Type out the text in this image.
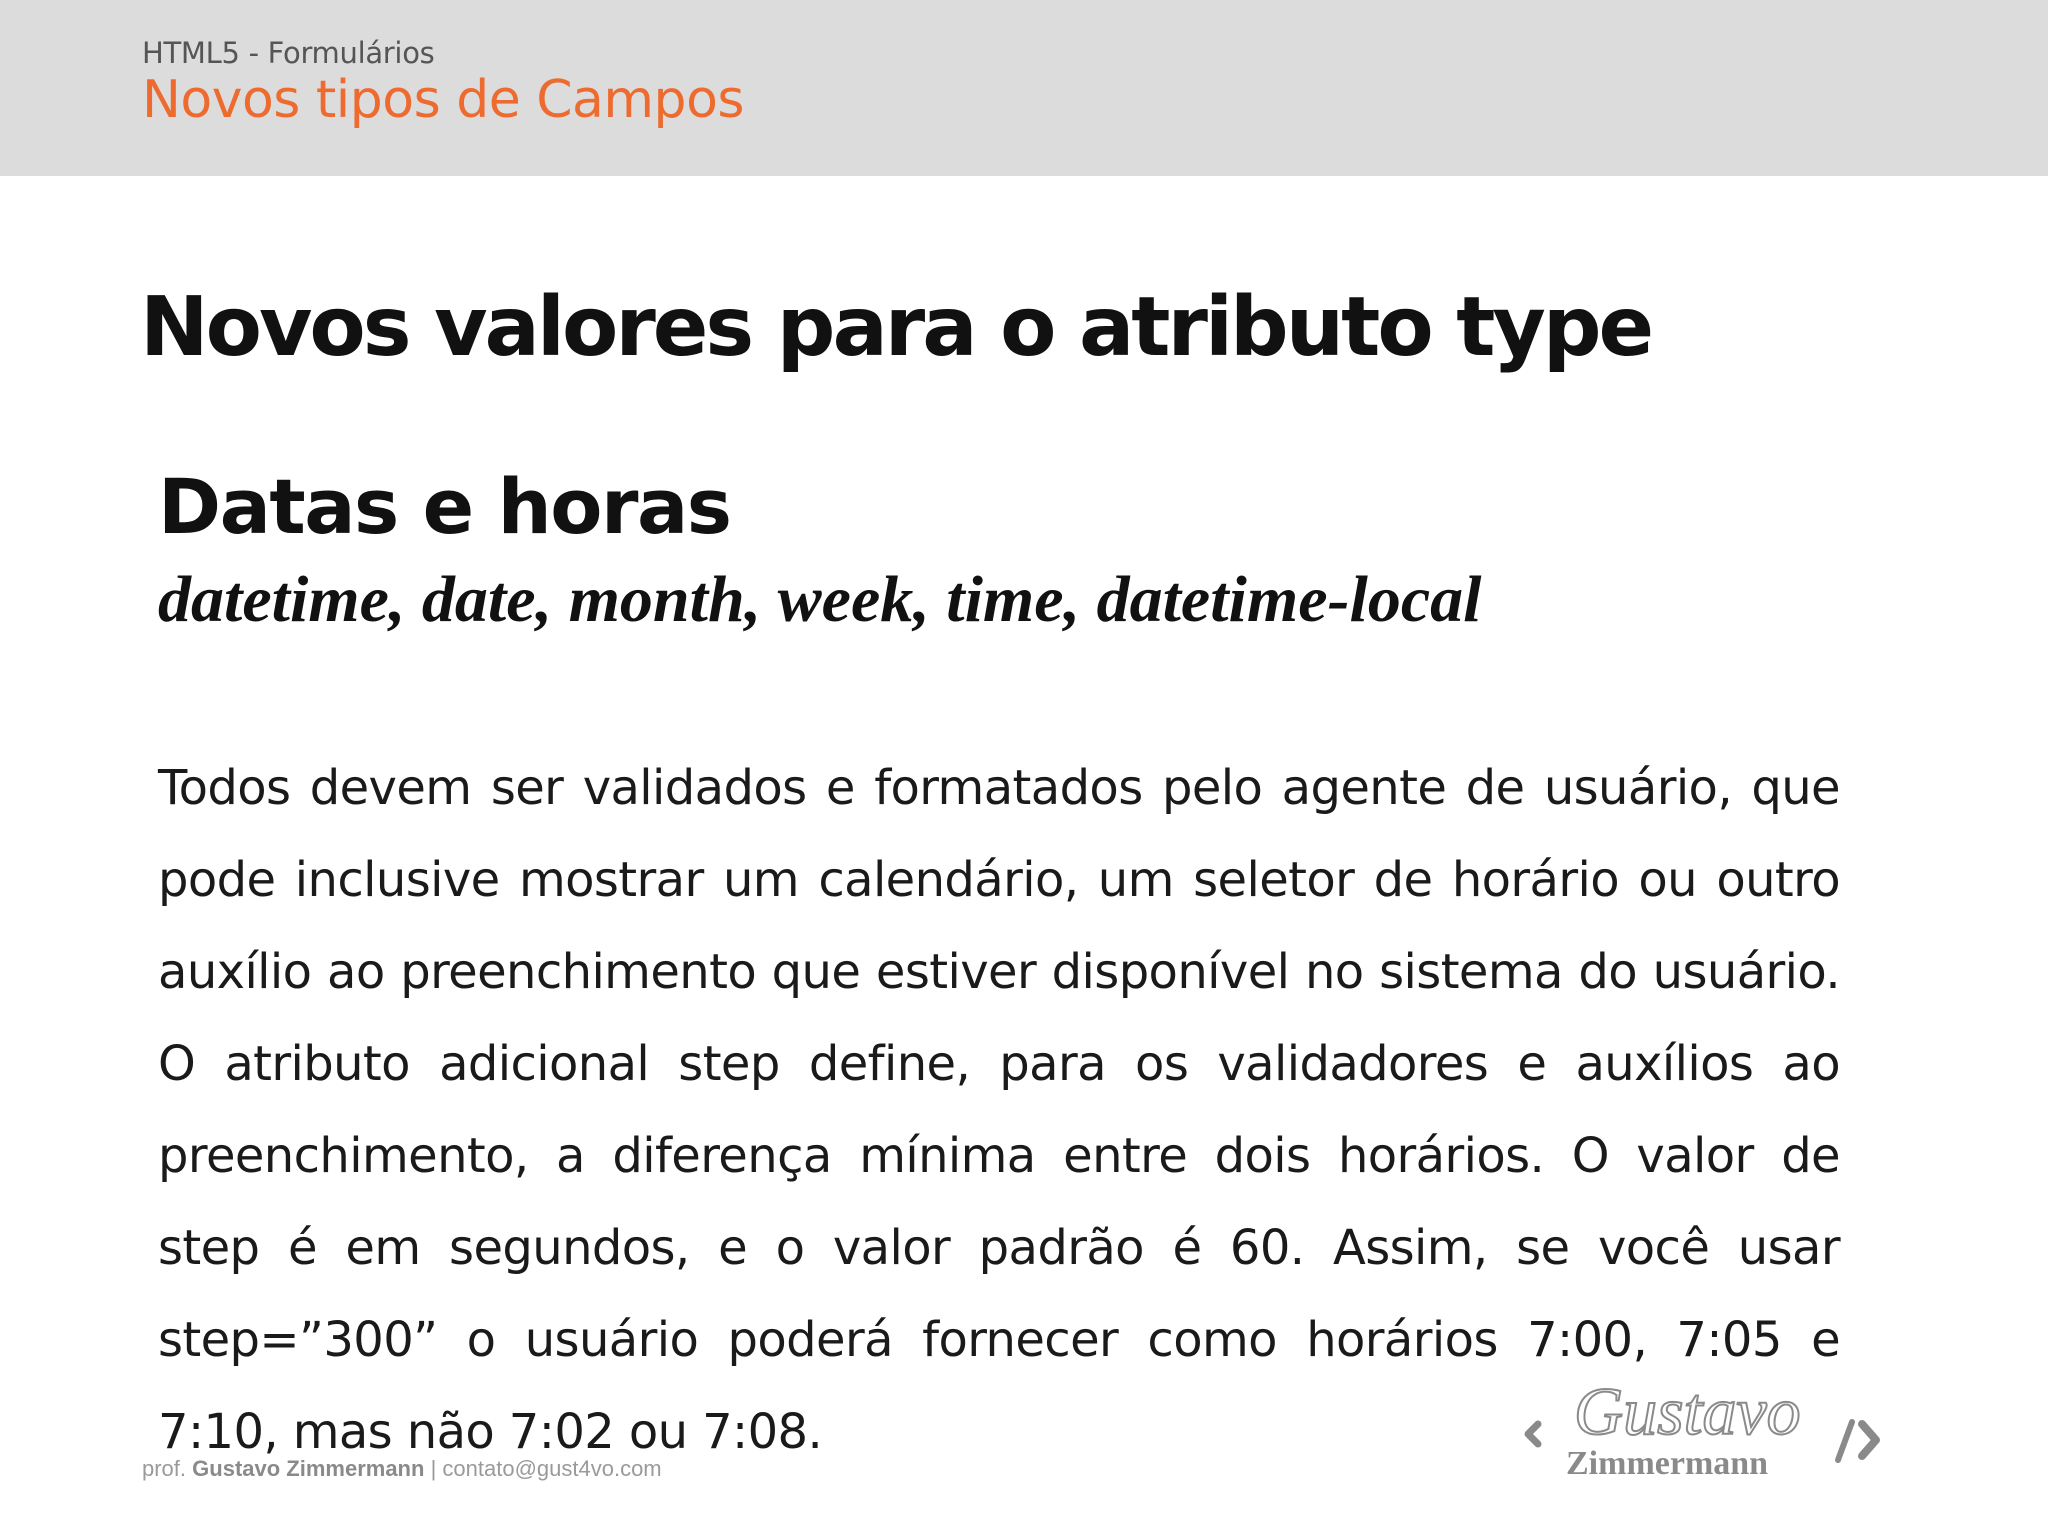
HTML5 - Formulários
Novos tipos de Campos
Novos valores para o atributo type
Datas e horas
datetime, date, month, week, time, datetime-local

Todos devem ser validados e formatados pelo agente de usuário, que pode inclusive mostrar um calendário, um seletor de horário ou outro auxílio ao preenchimento que estiver disponível no sistema do usuário. O atributo adicional step define, para os validadores e auxílios ao preenchimento, a diferença mínima entre dois horários. O valor de step é em segundos, e o valor padrão é 60. Assim, se você usar step=”300” o usuário poderá fornecer como horários 7:00, 7:05 e 7:10, mas não 7:02 ou 7:08.

prof. Gustavo Zimmermann | contato@gust4vo.com
Gustavo
Zimmermann
